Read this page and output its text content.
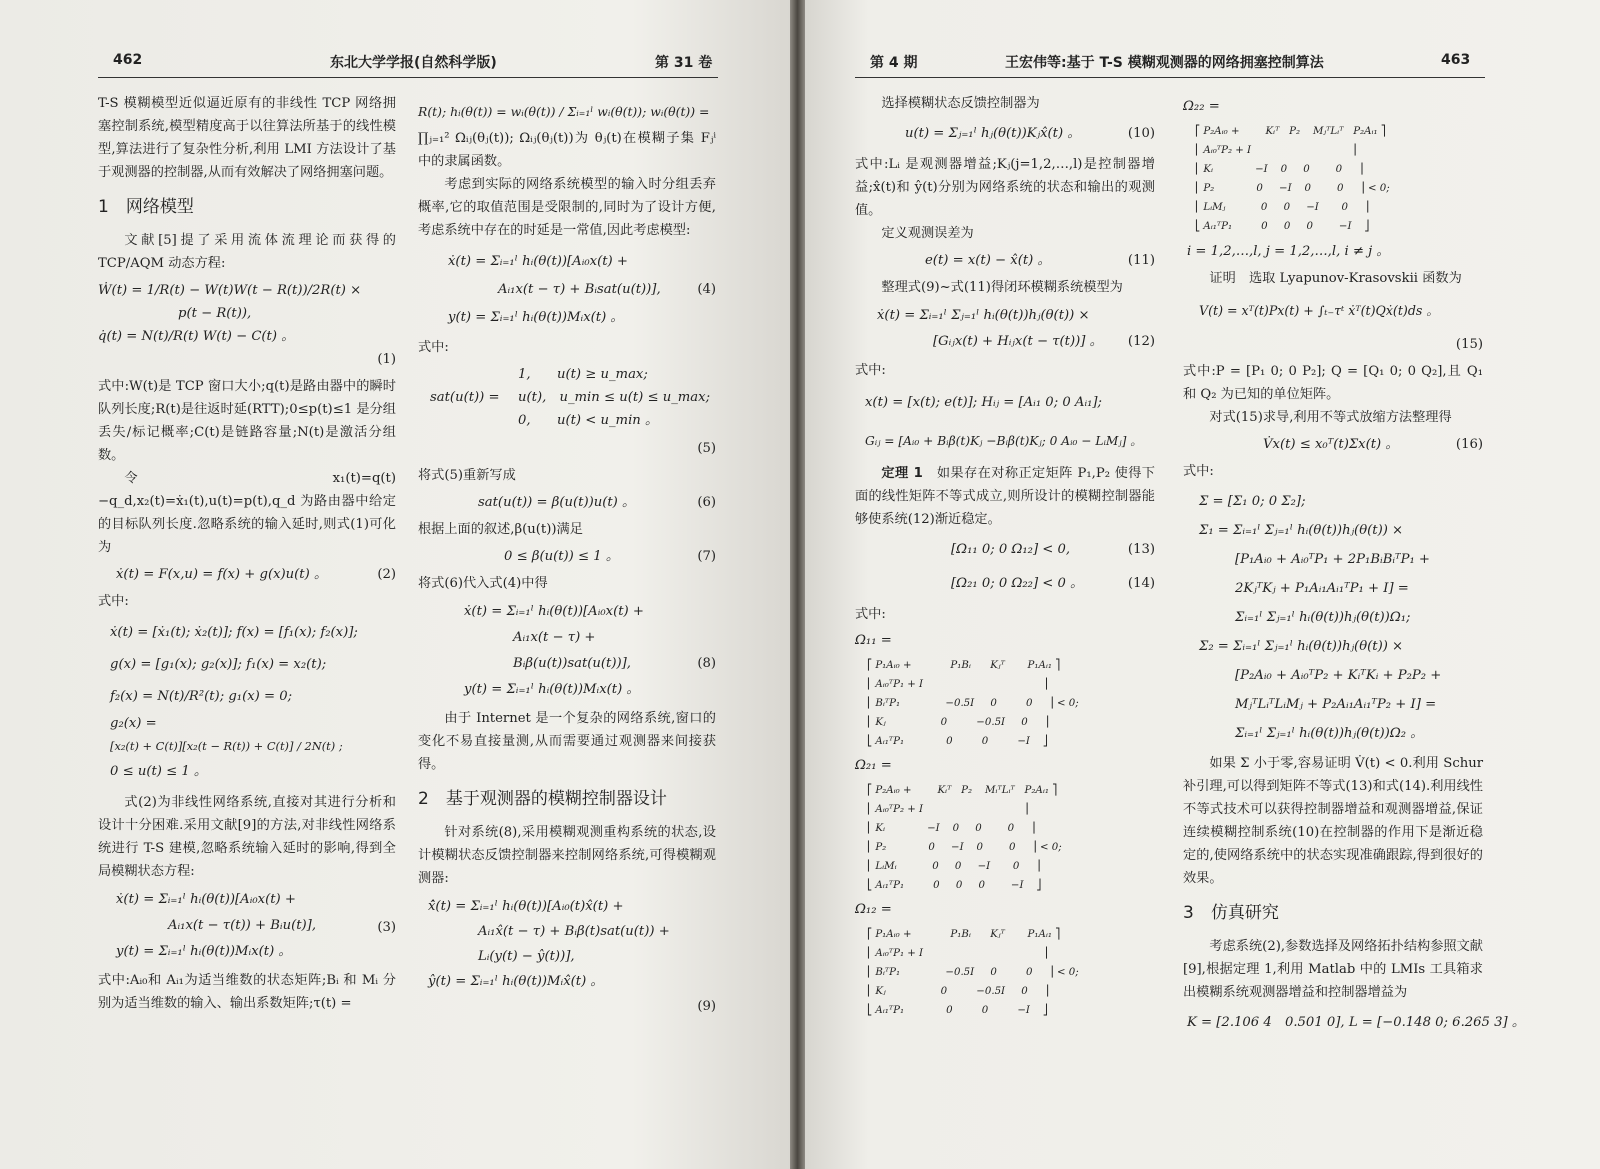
462	东北大学学报(自然科学版)	第 31 卷

T-S 模糊模型近似逼近原有的非线性 TCP 网络拥塞控制系统,模型精度高于以往算法所基于的线性模型,算法进行了复杂性分析,利用 LMI 方法设计了基于观测器的控制器,从而有效解决了网络拥塞问题。

1　网络模型

文献[5]提了采用流体流理论而获得的 TCP/AQM 动态方程:

Ẇ(t) = 1/R(t) − W(t)W(t − R(t))/2R(t) ×
p(t − R(t)),
q̇(t) = N(t)/R(t) W(t) − C(t) 。
(1)

式中:W(t)是 TCP 窗口大小;q(t)是路由器中的瞬时队列长度;R(t)是往返时延(RTT);0≤p(t)≤1 是分组丢失/标记概率;C(t)是链路容量;N(t)是激活分组数。

令 x₁(t)=q(t)−q_d,x₂(t)=ẋ₁(t),u(t)=p(t),q_d 为路由器中给定的目标队列长度.忽略系统的输入延时,则式(1)可化为

ẋ(t) = F(x,u) = f(x) + g(x)u(t) 。	(2)

式中:

ẋ(t) = [ẋ₁(t); ẋ₂(t)]; f(x) = [f₁(x); f₂(x)];
g(x) = [g₁(x); g₂(x)]; f₁(x) = x₂(t);
f₂(x) = N(t)/R²(t); g₁(x) = 0;
g₂(x) =
[x₂(t) + C(t)][x₂(t − R(t)) + C(t)] / 2N(t) ;
0 ≤ u(t) ≤ 1 。

式(2)为非线性网络系统,直接对其进行分析和设计十分困难.采用文献[9]的方法,对非线性网络系统进行 T-S 建模,忽略系统输入延时的影响,得到全局模糊状态方程:

ẋ(t) = Σᵢ₌₁ˡ hᵢ(θ(t))[Aᵢ₀x(t) +
Aᵢ₁x(t − τ(t)) + Bᵢu(t)],
y(t) = Σᵢ₌₁ˡ hᵢ(θ(t))Mᵢx(t) 。
(3)

式中:Aᵢ₀和 Aᵢ₁为适当维数的状态矩阵;Bᵢ 和 Mᵢ 分别为适当维数的输入、输出系数矩阵;τ(t) =

R(t); hᵢ(θ(t)) = wᵢ(θ(t)) / Σᵢ₌₁ˡ wᵢ(θ(t)); wᵢ(θ(t)) =

∏ⱼ₌₁² Ωᵢⱼ(θⱼ(t)); Ωᵢⱼ(θⱼ(t))为 θⱼ(t)在模糊子集 Fⱼⁱ 中的隶属函数。

考虑到实际的网络系统模型的输入时分组丢弃概率,它的取值范围是受限制的,同时为了设计方便,考虑系统中存在的时延是一常值,因此考虑模型:

ẋ(t) = Σᵢ₌₁ˡ hᵢ(θ(t))[Aᵢ₀x(t) +
Aᵢ₁x(t − τ) + Bᵢsat(u(t))],
y(t) = Σᵢ₌₁ˡ hᵢ(θ(t))Mᵢx(t) 。
(4)

式中:

sat(u(t)) =
1,　　u(t) ≥ u_max;
u(t),　u_min ≤ u(t) ≤ u_max;
0,　　u(t) < u_min 。
(5)

将式(5)重新写成

sat(u(t)) = β(u(t))u(t) 。	(6)

根据上面的叙述,β(u(t))满足

0 ≤ β(u(t)) ≤ 1 。	(7)

将式(6)代入式(4)中得

ẋ(t) = Σᵢ₌₁ˡ hᵢ(θ(t))[Aᵢ₀x(t) +
Aᵢ₁x(t − τ) +
Bᵢβ(u(t))sat(u(t))],
y(t) = Σᵢ₌₁ˡ hᵢ(θ(t))Mᵢx(t) 。
(8)

由于 Internet 是一个复杂的网络系统,窗口的变化不易直接量测,从而需要通过观测器来间接获得。

2　基于观测器的模糊控制器设计

针对系统(8),采用模糊观测重构系统的状态,设计模糊状态反馈控制器来控制网络系统,可得模糊观测器:

x̂̇(t) = Σᵢ₌₁ˡ hᵢ(θ(t))[Aᵢ₀(t)x̂(t) +
Aᵢ₁x̂(t − τ) + Bᵢβ(t)sat(u(t)) +
Lᵢ(y(t) − ŷ(t))],
ŷ(t) = Σᵢ₌₁ˡ hᵢ(θ(t))Mᵢx̂(t) 。
(9)
第 4 期	王宏伟等:基于 T-S 模糊观测器的网络拥塞控制算法	463

选择模糊状态反馈控制器为

u(t) = Σⱼ₌₁ˡ hⱼ(θ(t))Kⱼx̂(t) 。	(10)

式中:Lᵢ 是观测器增益;Kⱼ(j=1,2,…,l)是控制器增益;x̂(t)和 ŷ(t)分别为网络系统的状态和输出的观测值。

定义观测误差为

e(t) = x(t) − x̂(t) 。	(11)

整理式(9)~式(11)得闭环模糊系统模型为

ẋ(t) = Σᵢ₌₁ˡ Σⱼ₌₁ˡ hᵢ(θ(t))hⱼ(θ(t)) ×
[Gᵢⱼx(t) + Hᵢⱼx(t − τ(t))] 。	(12)

式中:

x(t) = [x(t); e(t)]; Hᵢⱼ = [Aᵢ₁ 0; 0 Aᵢ₁];
Gᵢⱼ = [Aᵢ₀ + Bᵢβ(t)Kⱼ −Bᵢβ(t)Kⱼ; 0 Aᵢ₀ − LᵢMⱼ] 。

定理 1　 如果存在对称正定矩阵 P₁,P₂ 使得下面的线性矩阵不等式成立,则所设计的模糊控制器能够使系统(12)渐近稳定。

[Ω₁₁ 0; 0 Ω₁₂] < 0,	(13)
[Ω₂₁ 0; 0 Ω₂₂] < 0 。	(14)

式中:

Ω₁₁ =
⎡ P₁Aᵢ₀ +            P₁Bᵢ      Kⱼᵀ       P₁Aᵢ₁ ⎤
⎢ Aᵢ₀ᵀP₁ + I                                     ⎥
⎢ BᵢᵀP₁              −0.5I     0         0     ⎥ < 0;
⎢ Kⱼ                 0         −0.5I     0     ⎥
⎣ Aᵢ₁ᵀP₁             0         0         −I    ⎦
Ω₂₁ =
⎡ P₂Aᵢ₀ +        Kᵢᵀ   P₂    MᵢᵀLᵢᵀ   P₂Aᵢ₁ ⎤
⎢ Aᵢ₀ᵀP₂ + I                               ⎥
⎢ Kᵢ             −I    0     0        0     ⎥
⎢ P₂             0     −I    0        0     ⎥ < 0;
⎢ LᵢMᵢ           0     0     −I       0     ⎥
⎣ Aᵢ₁ᵀP₁         0     0     0        −I    ⎦
Ω₁₂ =
⎡ P₁Aᵢ₀ +            P₁Bᵢ      Kⱼᵀ       P₁Aᵢ₁ ⎤
⎢ Aᵢ₀ᵀP₁ + I                                     ⎥
⎢ BᵢᵀP₁              −0.5I     0         0     ⎥ < 0;
⎢ Kⱼ                 0         −0.5I     0     ⎥
⎣ Aᵢ₁ᵀP₁             0         0         −I    ⎦
Ω₂₂ =
⎡ P₂Aᵢ₀ +        Kᵢᵀ   P₂    MⱼᵀLᵢᵀ   P₂Aᵢ₁ ⎤
⎢ Aᵢ₀ᵀP₂ + I                               ⎥
⎢ Kᵢ             −I    0     0        0     ⎥
⎢ P₂             0     −I    0        0     ⎥ < 0;
⎢ LᵢMⱼ           0     0     −I       0     ⎥
⎣ Aᵢ₁ᵀP₁         0     0     0        −I    ⎦
i = 1,2,…,l, j = 1,2,…,l, i ≠ j 。

证明　 选取 Lyapunov-Krasovskii 函数为

V(t) = xᵀ(t)Px(t) + ∫ₜ₋τᵗ ẋᵀ(t)Qẋ(t)ds 。
(15)

式中:P = [P₁ 0; 0 P₂]; Q = [Q₁ 0; 0 Q₂],且 Q₁ 和 Q₂ 为已知的单位矩阵。

对式(15)求导,利用不等式放缩方法整理得

V̇x(t) ≤ x₀ᵀ(t)Σx(t) 。	(16)

式中:

Σ = [Σ₁ 0; 0 Σ₂];
Σ₁ = Σᵢ₌₁ˡ Σⱼ₌₁ˡ hᵢ(θ(t))hⱼ(θ(t)) ×
[P₁Aᵢ₀ + Aᵢ₀ᵀP₁ + 2P₁BᵢBᵢᵀP₁ +
2KⱼᵀKⱼ + P₁Aᵢ₁Aᵢ₁ᵀP₁ + I] =
Σᵢ₌₁ˡ Σⱼ₌₁ˡ hᵢ(θ(t))hⱼ(θ(t))Ω₁;
Σ₂ = Σᵢ₌₁ˡ Σⱼ₌₁ˡ hᵢ(θ(t))hⱼ(θ(t)) ×
[P₂Aᵢ₀ + Aᵢ₀ᵀP₂ + KᵢᵀKᵢ + P₂P₂ +
MⱼᵀLᵢᵀLᵢMⱼ + P₂Aᵢ₁Aᵢ₁ᵀP₂ + I] =
Σᵢ₌₁ˡ Σⱼ₌₁ˡ hᵢ(θ(t))hⱼ(θ(t))Ω₂ 。

如果 Σ 小于零,容易证明 V̇(t) < 0.利用 Schur 补引理,可以得到矩阵不等式(13)和式(14).利用线性不等式技术可以获得控制器增益和观测器增益,保证连续模糊控制系统(10)在控制器的作用下是渐近稳定的,使网络系统中的状态实现准确跟踪,得到很好的效果。

3　仿真研究

考虑系统(2),参数选择及网络拓扑结构参照文献[9],根据定理 1,利用 Matlab 中的 LMIs 工具箱求出模糊系统观测器增益和控制器增益为

K = [2.106 4　0.501 0], L = [−0.148 0; 6.265 3] 。
